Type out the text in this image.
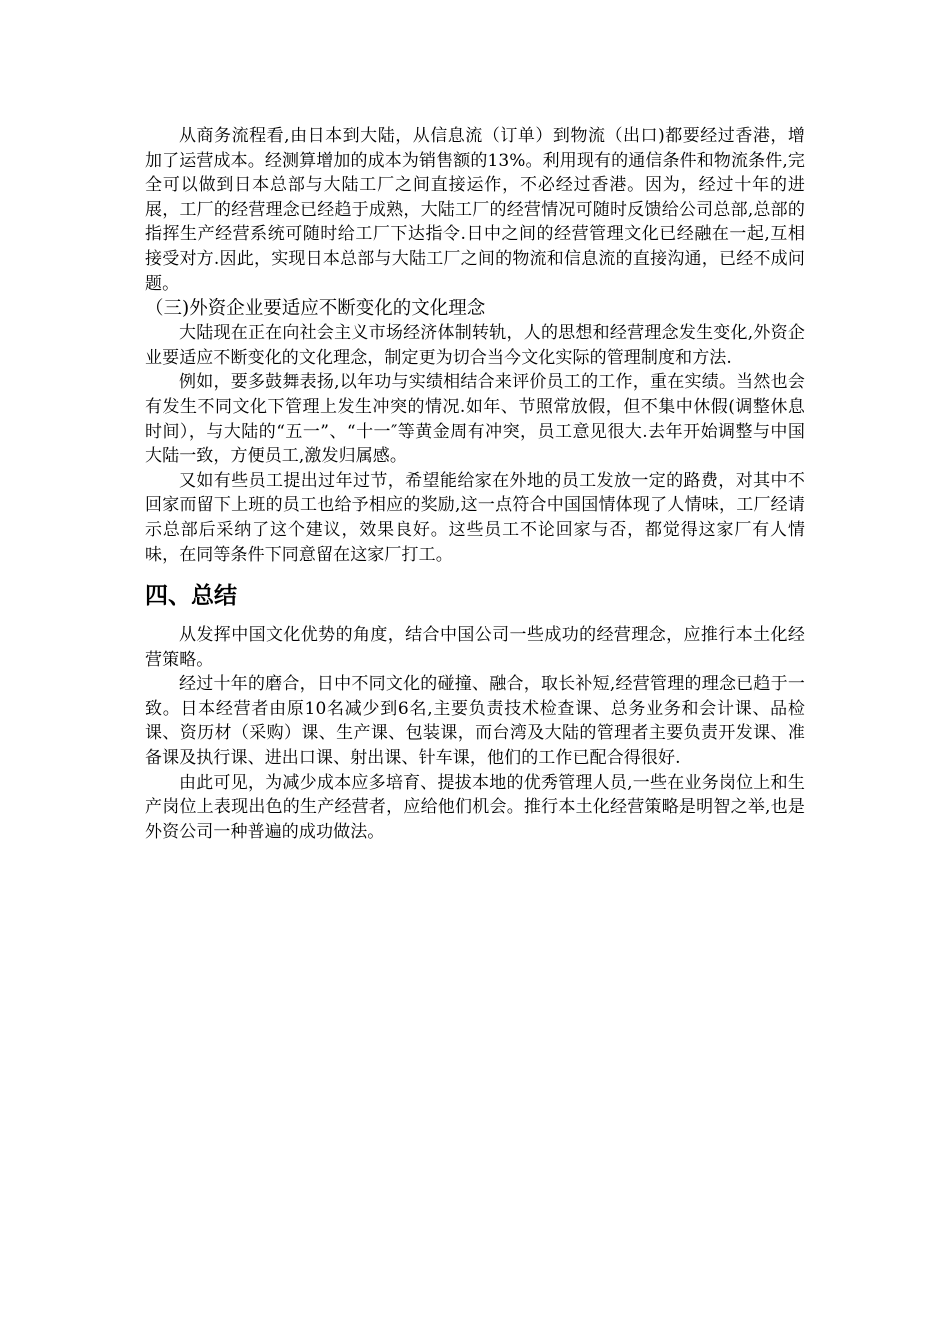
从商务流程看,由日本到大陆，从信息流（订单）到物流（出口)都要经过香港，增加了运营成本。经测算增加的成本为销售额的13%。利用现有的通信条件和物流条件,完全可以做到日本总部与大陆工厂之间直接运作，不必经过香港。因为，经过十年的进展，工厂的经营理念已经趋于成熟，大陆工厂的经营情况可随时反馈给公司总部,总部的指挥生产经营系统可随时给工厂下达指令.日中之间的经营管理文化已经融在一起,互相接受对方.因此，实现日本总部与大陆工厂之间的物流和信息流的直接沟通，已经不成问题。

（三)外资企业要适应不断变化的文化理念

大陆现在正在向社会主义市场经济体制转轨，人的思想和经营理念发生变化,外资企业要适应不断变化的文化理念，制定更为切合当今文化实际的管理制度和方法.

例如，要多鼓舞表扬,以年功与实绩相结合来评价员工的工作，重在实绩。当然也会有发生不同文化下管理上发生冲突的情况.如年、节照常放假，但不集中休假(调整休息时间），与大陆的“五一”、“十一″等黄金周有冲突，员工意见很大.去年开始调整与中国大陆一致，方便员工,激发归属感。

又如有些员工提出过年过节，希望能给家在外地的员工发放一定的路费，对其中不回家而留下上班的员工也给予相应的奖励,这一点符合中国国情体现了人情味，工厂经请示总部后采纳了这个建议，效果良好。这些员工不论回家与否，都觉得这家厂有人情味，在同等条件下同意留在这家厂打工。

四、总结

从发挥中国文化优势的角度，结合中国公司一些成功的经营理念，应推行本土化经营策略。

经过十年的磨合，日中不同文化的碰撞、融合，取长补短,经营管理的理念已趋于一致。日本经营者由原10名减少到6名,主要负责技术检查课、总务业务和会计课、品检课、资历材（采购）课、生产课、包装课，而台湾及大陆的管理者主要负责开发课、准备课及执行课、进出口课、射出课、针车课，他们的工作已配合得很好.

由此可见，为减少成本应多培育、提拔本地的优秀管理人员,一些在业务岗位上和生产岗位上表现出色的生产经营者，应给他们机会。推行本土化经营策略是明智之举,也是外资公司一种普遍的成功做法。
